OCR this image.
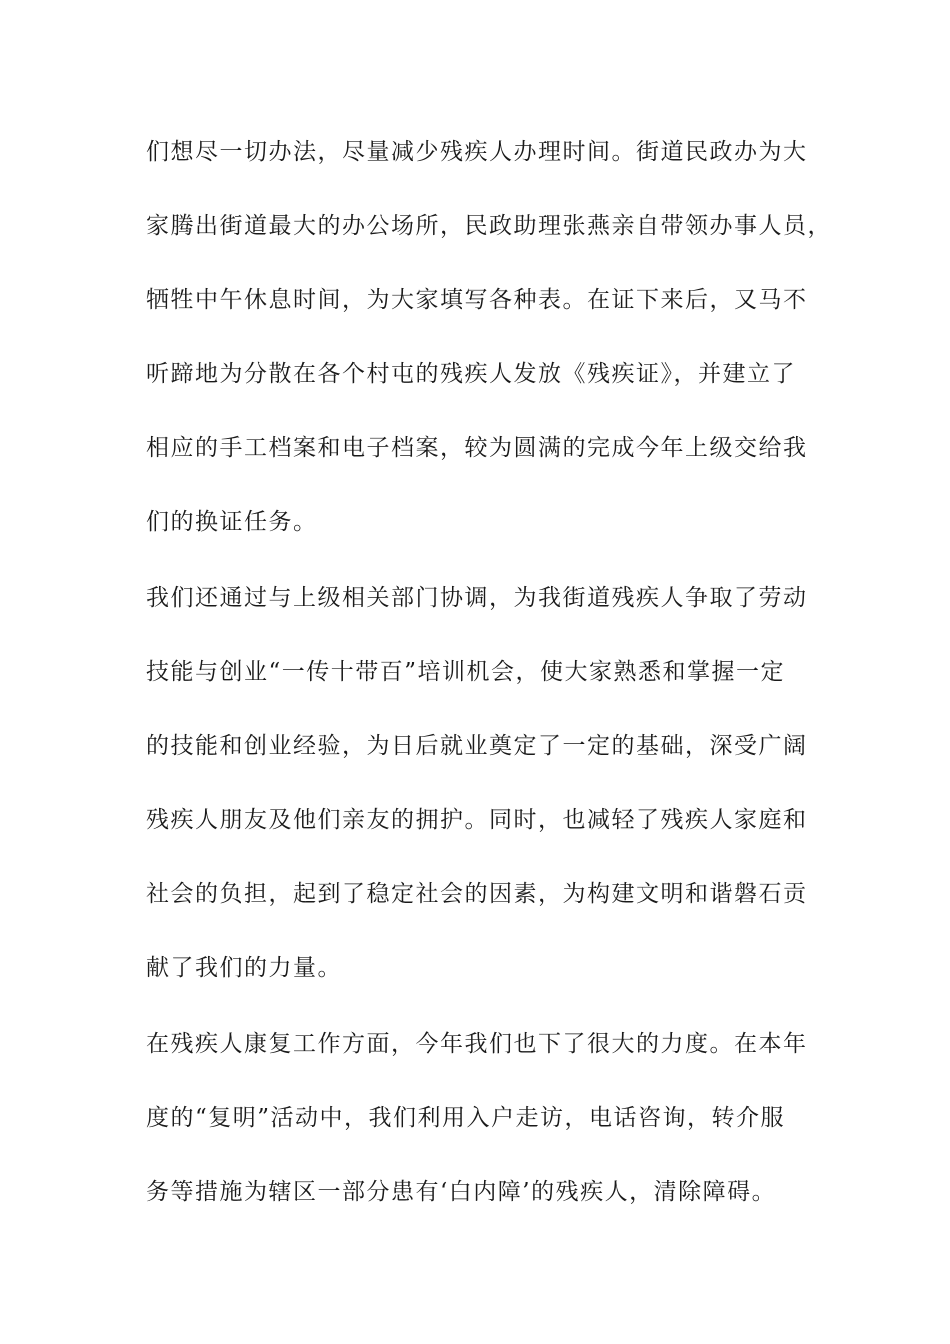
们想尽一切办法，尽量减少残疾人办理时间。街道民政办为大
家腾出街道最大的办公场所，民政助理张燕亲自带领办事人员，
牺牲中午休息时间，为大家填写各种表。在证下来后，又马不
听蹄地为分散在各个村屯的残疾人发放《残疾证》，并建立了
相应的手工档案和电子档案，较为圆满的完成今年上级交给我
们的换证任务。
我们还通过与上级相关部门协调，为我街道残疾人争取了劳动
技能与创业“一传十带百”培训机会，使大家熟悉和掌握一定
的技能和创业经验，为日后就业奠定了一定的基础，深受广阔
残疾人朋友及他们亲友的拥护。同时，也减轻了残疾人家庭和
社会的负担，起到了稳定社会的因素，为构建文明和谐磐石贡
献了我们的力量。
在残疾人康复工作方面，今年我们也下了很大的力度。在本年
度的“复明”活动中，我们利用入户走访，电话咨询，转介服
务等措施为辖区一部分患有‘白内障’的残疾人，清除障碍。
